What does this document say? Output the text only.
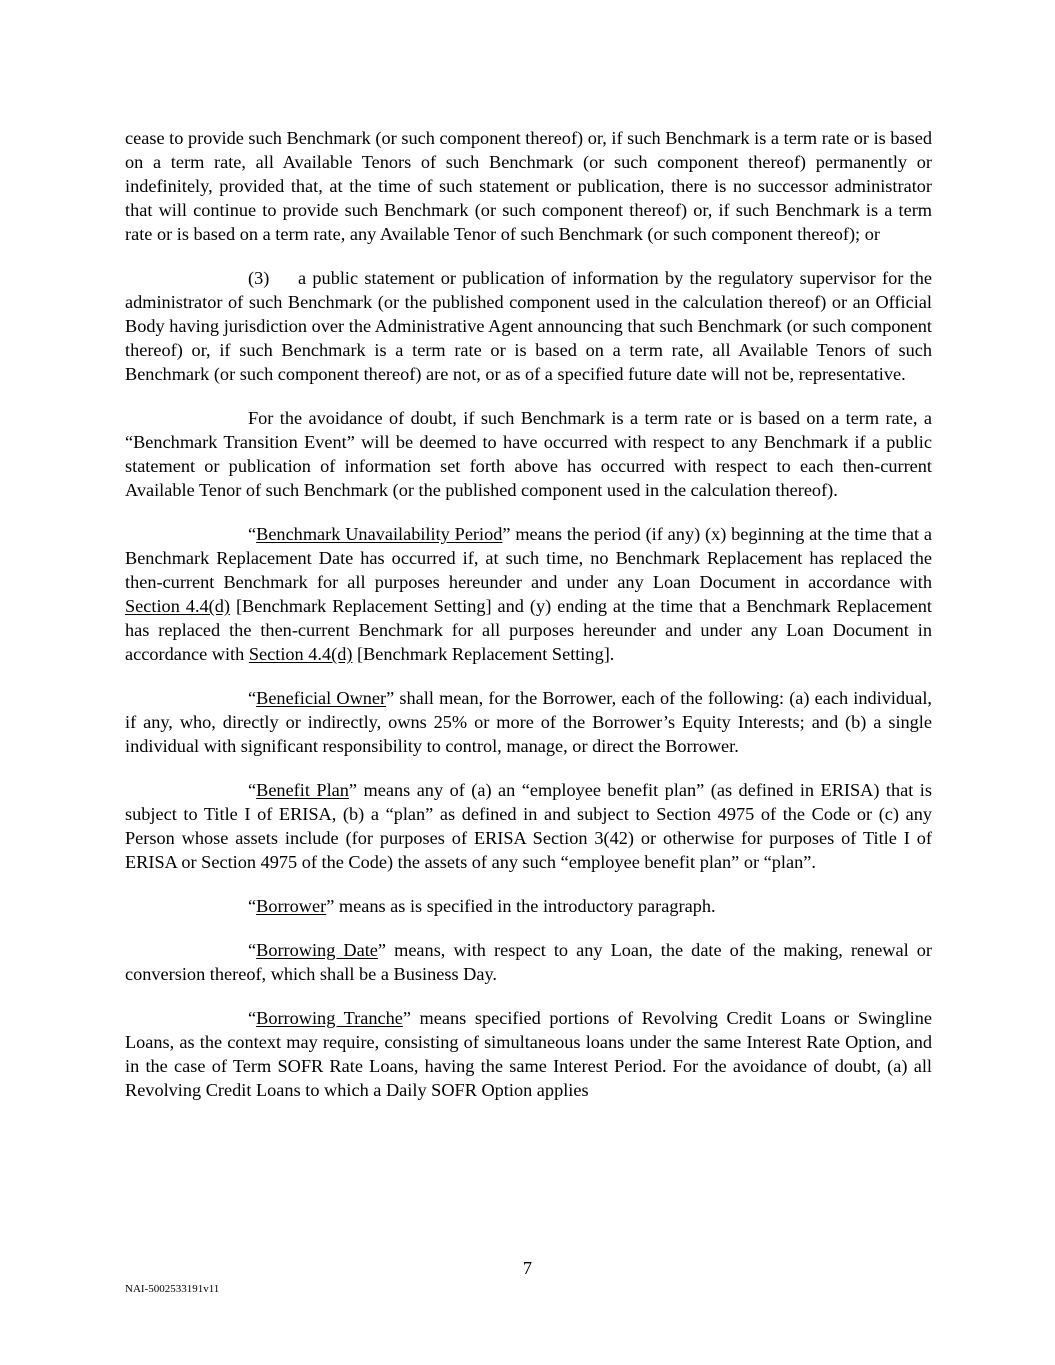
cease to provide such Benchmark (or such component thereof) or, if such Benchmark is a term rate or is based on a term rate, all Available Tenors of such Benchmark (or such component thereof) permanently or indefinitely, provided that, at the time of such statement or publication, there is no successor administrator that will continue to provide such Benchmark (or such component thereof) or, if such Benchmark is a term rate or is based on a term rate, any Available Tenor of such Benchmark (or such component thereof); or

(3) a public statement or publication of information by the regulatory supervisor for the administrator of such Benchmark (or the published component used in the calculation thereof) or an Official Body having jurisdiction over the Administrative Agent announcing that such Benchmark (or such component thereof) or, if such Benchmark is a term rate or is based on a term rate, all Available Tenors of such Benchmark (or such component thereof) are not, or as of a specified future date will not be, representative.

For the avoidance of doubt, if such Benchmark is a term rate or is based on a term rate, a “Benchmark Transition Event” will be deemed to have occurred with respect to any Benchmark if a public statement or publication of information set forth above has occurred with respect to each then-current Available Tenor of such Benchmark (or the published component used in the calculation thereof).

“Benchmark Unavailability Period” means the period (if any) (x) beginning at the time that a Benchmark Replacement Date has occurred if, at such time, no Benchmark Replacement has replaced the then-current Benchmark for all purposes hereunder and under any Loan Document in accordance with Section 4.4(d) [Benchmark Replacement Setting] and (y) ending at the time that a Benchmark Replacement has replaced the then-current Benchmark for all purposes hereunder and under any Loan Document in accordance with Section 4.4(d) [Benchmark Replacement Setting].

“Beneficial Owner” shall mean, for the Borrower, each of the following: (a) each individual, if any, who, directly or indirectly, owns 25% or more of the Borrower’s Equity Interests; and (b) a single individual with significant responsibility to control, manage, or direct the Borrower.

“Benefit Plan” means any of (a) an “employee benefit plan” (as defined in ERISA) that is subject to Title I of ERISA, (b) a “plan” as defined in and subject to Section 4975 of the Code or (c) any Person whose assets include (for purposes of ERISA Section 3(42) or otherwise for purposes of Title I of ERISA or Section 4975 of the Code) the assets of any such “employee benefit plan” or “plan”.

“Borrower” means as is specified in the introductory paragraph.

“Borrowing Date” means, with respect to any Loan, the date of the making, renewal or conversion thereof, which shall be a Business Day.

“Borrowing Tranche” means specified portions of Revolving Credit Loans or Swingline Loans, as the context may require, consisting of simultaneous loans under the same Interest Rate Option, and in the case of Term SOFR Rate Loans, having the same Interest Period. For the avoidance of doubt, (a) all Revolving Credit Loans to which a Daily SOFR Option applies

7
NAI-5002533191v11
